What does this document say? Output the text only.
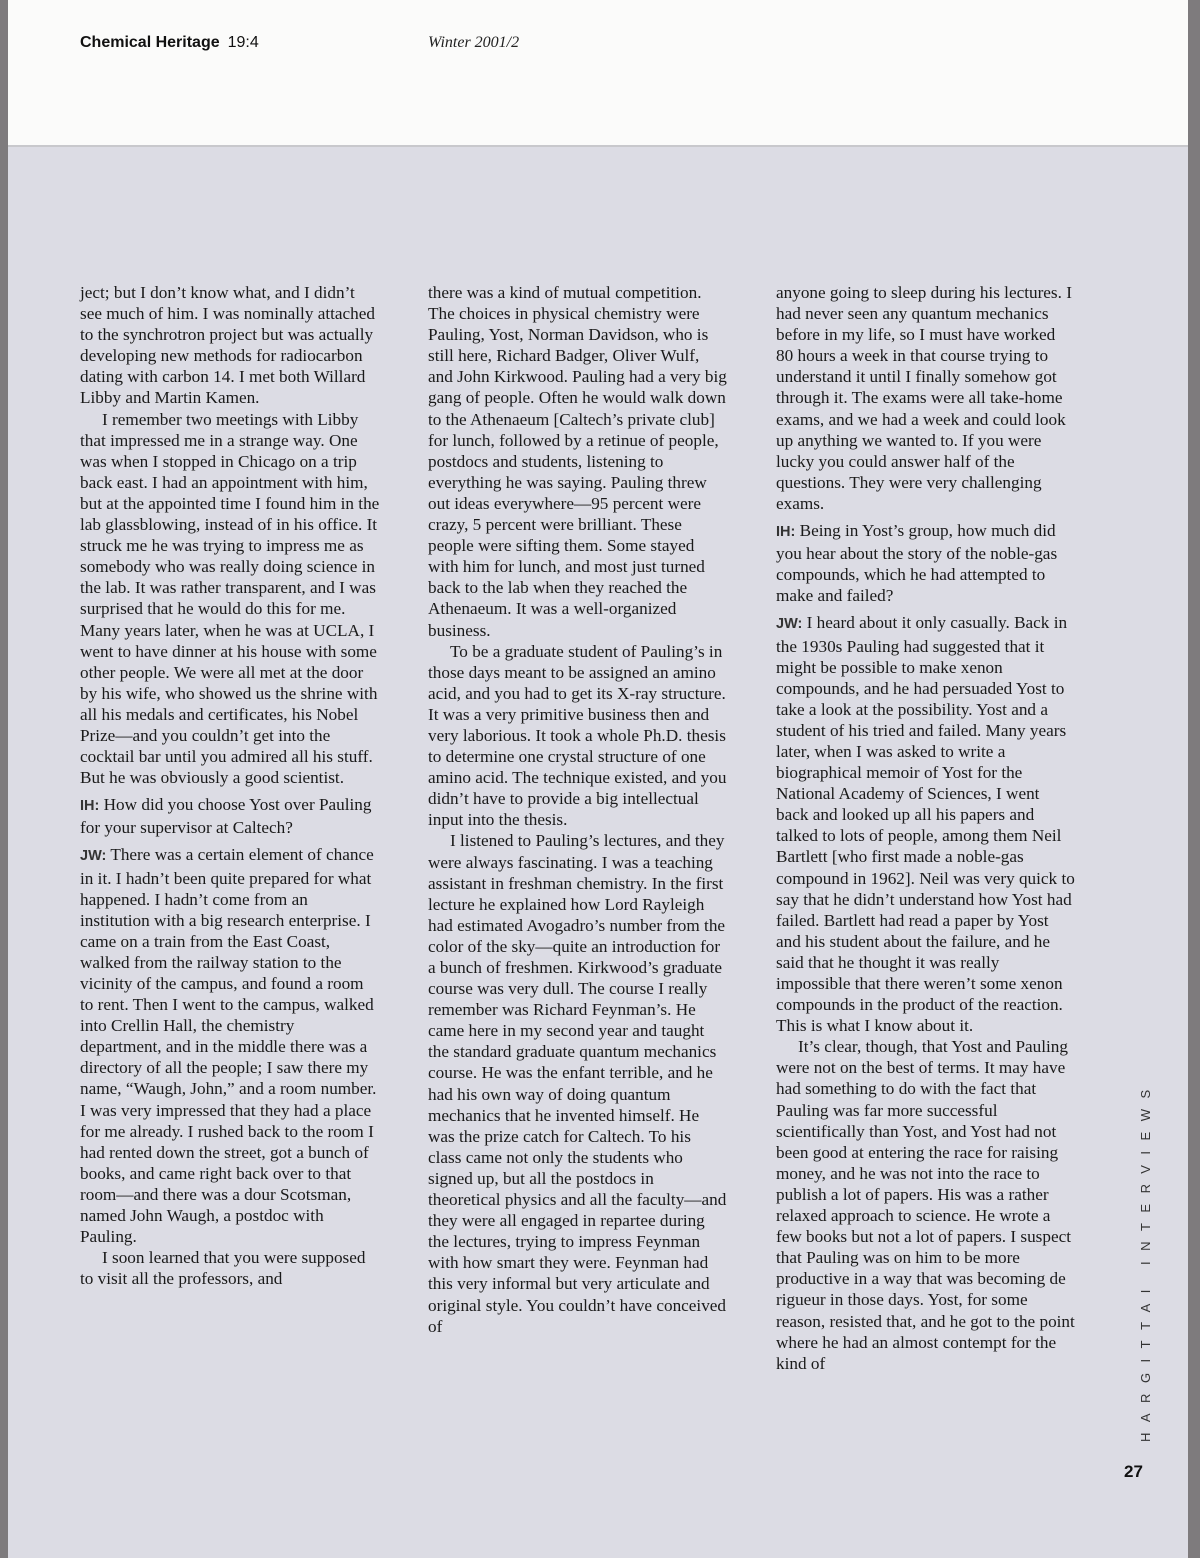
Chemical Heritage 19:4	Winter 2001/2

ject; but I don’t know what, and I didn’t see much of him. I was nominally attached to the synchrotron project but was actually developing new methods for radiocarbon dating with carbon 14. I met both Willard Libby and Martin Kamen.

I remember two meetings with Libby that impressed me in a strange way. One was when I stopped in Chicago on a trip back east. I had an appointment with him, but at the appointed time I found him in the lab glassblowing, instead of in his office. It struck me he was trying to impress me as somebody who was really doing science in the lab. It was rather transparent, and I was surprised that he would do this for me. Many years later, when he was at UCLA, I went to have dinner at his house with some other people. We were all met at the door by his wife, who showed us the shrine with all his medals and certificates, his Nobel Prize—and you couldn’t get into the cocktail bar until you admired all his stuff. But he was obviously a good scientist.

IH: How did you choose Yost over Pauling for your supervisor at Caltech?

JW: There was a certain element of chance in it. I hadn’t been quite prepared for what happened. I hadn’t come from an institution with a big research enterprise. I came on a train from the East Coast, walked from the railway station to the vicinity of the campus, and found a room to rent. Then I went to the campus, walked into Crellin Hall, the chemistry department, and in the middle there was a directory of all the people; I saw there my name, “Waugh, John,” and a room number. I was very impressed that they had a place for me already. I rushed back to the room I had rented down the street, got a bunch of books, and came right back over to that room—and there was a dour Scotsman, named John Waugh, a postdoc with Pauling.

I soon learned that you were supposed to visit all the professors, and

there was a kind of mutual competition. The choices in physical chemistry were Pauling, Yost, Norman Davidson, who is still here, Richard Badger, Oliver Wulf, and John Kirkwood. Pauling had a very big gang of people. Often he would walk down to the Athenaeum [Caltech’s private club] for lunch, followed by a retinue of people, postdocs and students, listening to everything he was saying. Pauling threw out ideas everywhere—95 percent were crazy, 5 percent were brilliant. These people were sifting them. Some stayed with him for lunch, and most just turned back to the lab when they reached the Athenaeum. It was a well-organized business.

To be a graduate student of Pauling’s in those days meant to be assigned an amino acid, and you had to get its X-ray structure. It was a very primitive business then and very laborious. It took a whole Ph.D. thesis to determine one crystal structure of one amino acid. The technique existed, and you didn’t have to provide a big intellectual input into the thesis.

I listened to Pauling’s lectures, and they were always fascinating. I was a teaching assistant in freshman chemistry. In the first lecture he explained how Lord Rayleigh had estimated Avogadro’s number from the color of the sky—quite an introduction for a bunch of freshmen. Kirkwood’s graduate course was very dull. The course I really remember was Richard Feynman’s. He came here in my second year and taught the standard graduate quantum mechanics course. He was the enfant terrible, and he had his own way of doing quantum mechanics that he invented himself. He was the prize catch for Caltech. To his class came not only the students who signed up, but all the postdocs in theoretical physics and all the faculty—and they were all engaged in repartee during the lectures, trying to impress Feynman with how smart they were. Feynman had this very informal but very articulate and original style. You couldn’t have conceived of

anyone going to sleep during his lectures. I had never seen any quantum mechanics before in my life, so I must have worked 80 hours a week in that course trying to understand it until I finally somehow got through it. The exams were all take-home exams, and we had a week and could look up anything we wanted to. If you were lucky you could answer half of the questions. They were very challenging exams.

IH: Being in Yost’s group, how much did you hear about the story of the noble-gas compounds, which he had attempted to make and failed?

JW: I heard about it only casually. Back in the 1930s Pauling had suggested that it might be possible to make xenon compounds, and he had persuaded Yost to take a look at the possibility. Yost and a student of his tried and failed. Many years later, when I was asked to write a biographical memoir of Yost for the National Academy of Sciences, I went back and looked up all his papers and talked to lots of people, among them Neil Bartlett [who first made a noble-gas compound in 1962]. Neil was very quick to say that he didn’t understand how Yost had failed. Bartlett had read a paper by Yost and his student about the failure, and he said that he thought it was really impossible that there weren’t some xenon compounds in the product of the reaction. This is what I know about it.

It’s clear, though, that Yost and Pauling were not on the best of terms. It may have had something to do with the fact that Pauling was far more successful scientifically than Yost, and Yost had not been good at entering the race for raising money, and he was not into the race to publish a lot of papers. His was a rather relaxed approach to science. He wrote a few books but not a lot of papers. I suspect that Pauling was on him to be more productive in a way that was becoming de rigueur in those days. Yost, for some reason, resisted that, and he got to the point where he had an almost contempt for the kind of	HARGITTAI INTERVIEWS
27
